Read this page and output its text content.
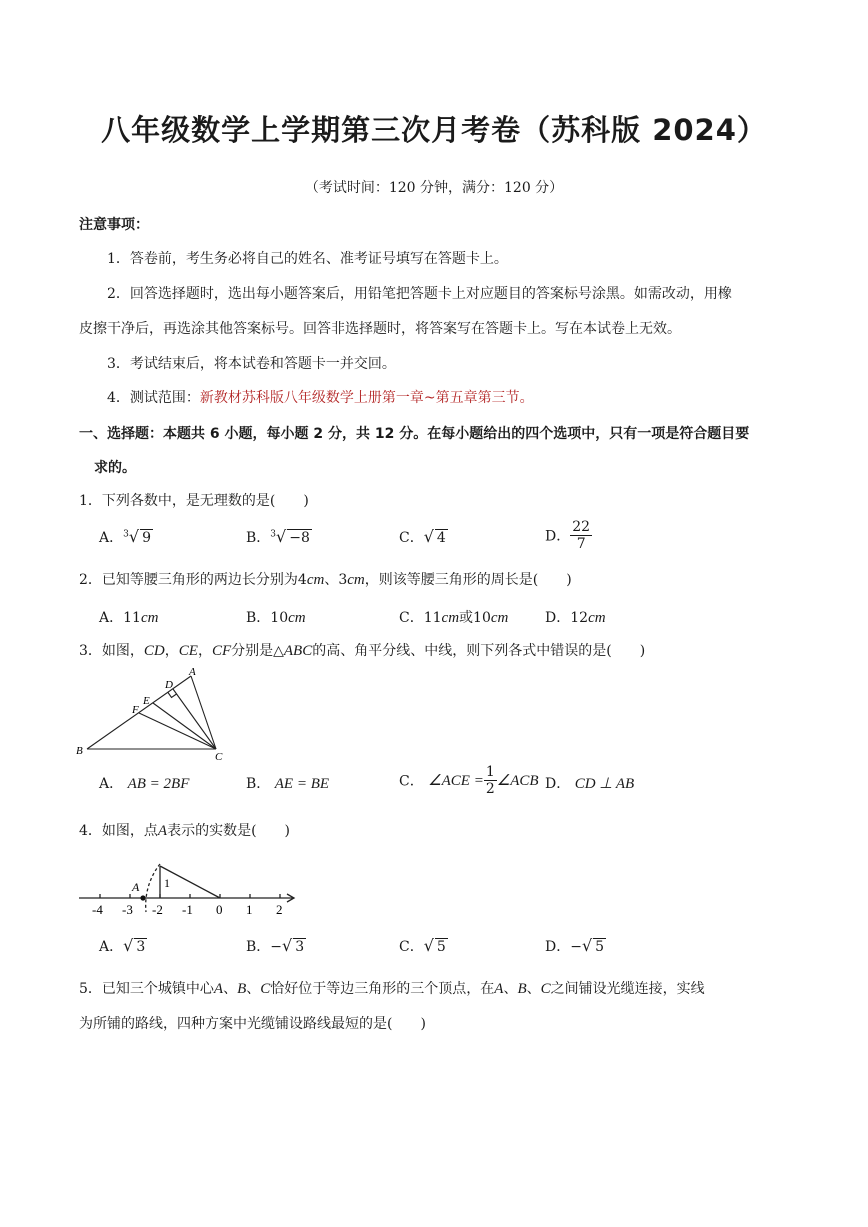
八年级数学上学期第三次月考卷（苏科版 2024）
（考试时间：120 分钟，满分：120 分）
注意事项：
1．答卷前，考生务必将自己的姓名、准考证号填写在答题卡上。
2．回答选择题时，选出每小题答案后，用铅笔把答题卡上对应题目的答案标号涂黑。如需改动，用橡
皮擦干净后，再选涂其他答案标号。回答非选择题时，将答案写在答题卡上。写在本试卷上无效。
3．考试结束后，将本试卷和答题卡一并交回。
4．测试范围：新教材苏科版八年级数学上册第一章~第五章第三节。
一、选择题：本题共 6 小题，每小题 2 分，共 12 分。在每小题给出的四个选项中，只有一项是符合题目要
求的。
1．下列各数中，是无理数的是(　　)
A．$^3$√ 9	B．$^3$√ −8	C．√ 4	D． $\frac{22}{7}$
2．已知等腰三角形的两边长分别为4cm、3cm，则该等腰三角形的周长是(　　)
A．11cm	B．10cm	C．11cm或10cm	D．12cm
3．如图，CD，CE，CF分别是△ABC的高、角平分线、中线，则下列各式中错误的是(　　)
A
B	C
D
E
F
A． AB = 2BF	B． AE = BE	C． ∠ACE = $\frac{1}{2}$ ∠ACB D． CD ⊥ AB
4．如图，点A表示的实数是(　　)
A 1
-4 -3 -2 -1 0 1 2
A．√ 3	B．−√ 3	C．√ 5	D．−√ 5
5．已知三个城镇中心A、B、C恰好位于等边三角形的三个顶点，在A、B、C之间铺设光缆连接，实线
为所铺的路线，四种方案中光缆铺设路线最短的是(　　)
